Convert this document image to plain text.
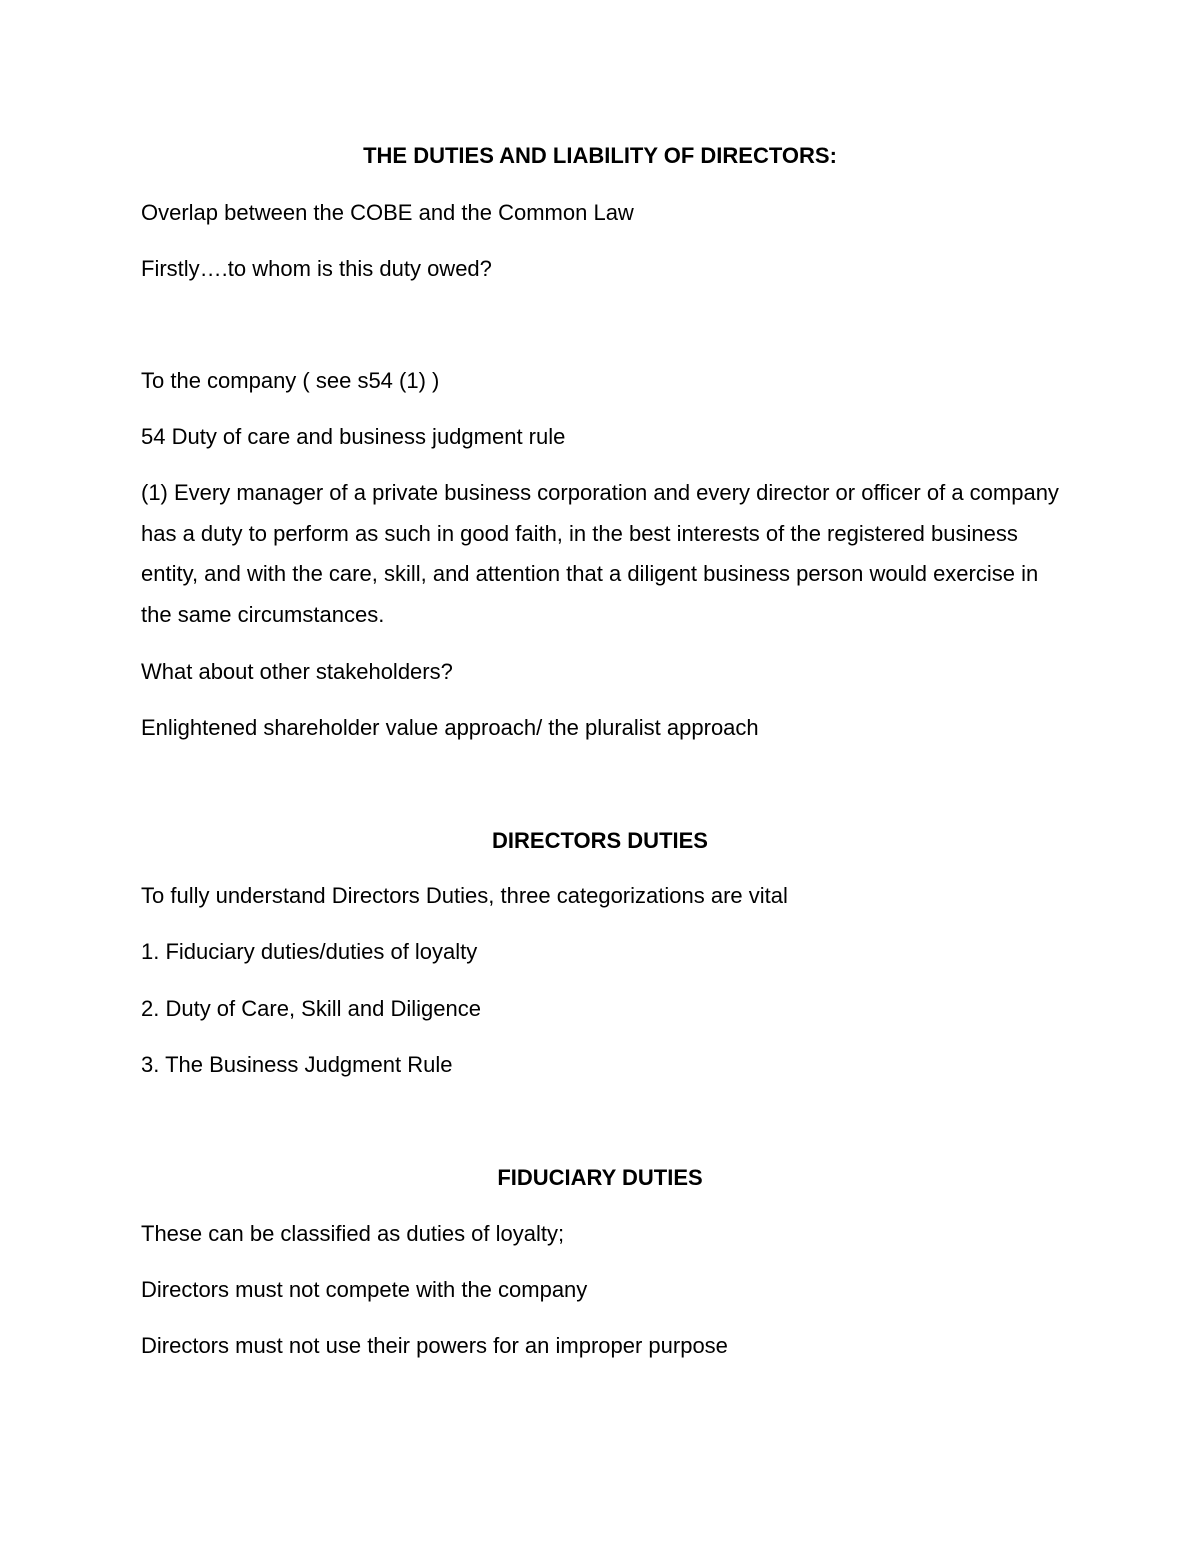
THE DUTIES AND LIABILITY OF DIRECTORS:

Overlap between the COBE and the Common Law

Firstly….to whom is this duty owed?

To the company ( see s54 (1) )

54 Duty of care and business judgment rule

(1) Every manager of a private business corporation and every director or officer of a company has a duty to perform as such in good faith, in the best interests of the registered business entity, and with the care, skill, and attention that a diligent business person would exercise in the same circumstances.

What about other stakeholders?

Enlightened shareholder value approach/ the pluralist approach

DIRECTORS DUTIES

To fully understand Directors Duties, three categorizations are vital

1. Fiduciary duties/duties of loyalty

2. Duty of Care, Skill and Diligence

3. The Business Judgment Rule

FIDUCIARY DUTIES

These can be classified as duties of loyalty;

Directors must not compete with the company

Directors must not use their powers for an improper purpose
